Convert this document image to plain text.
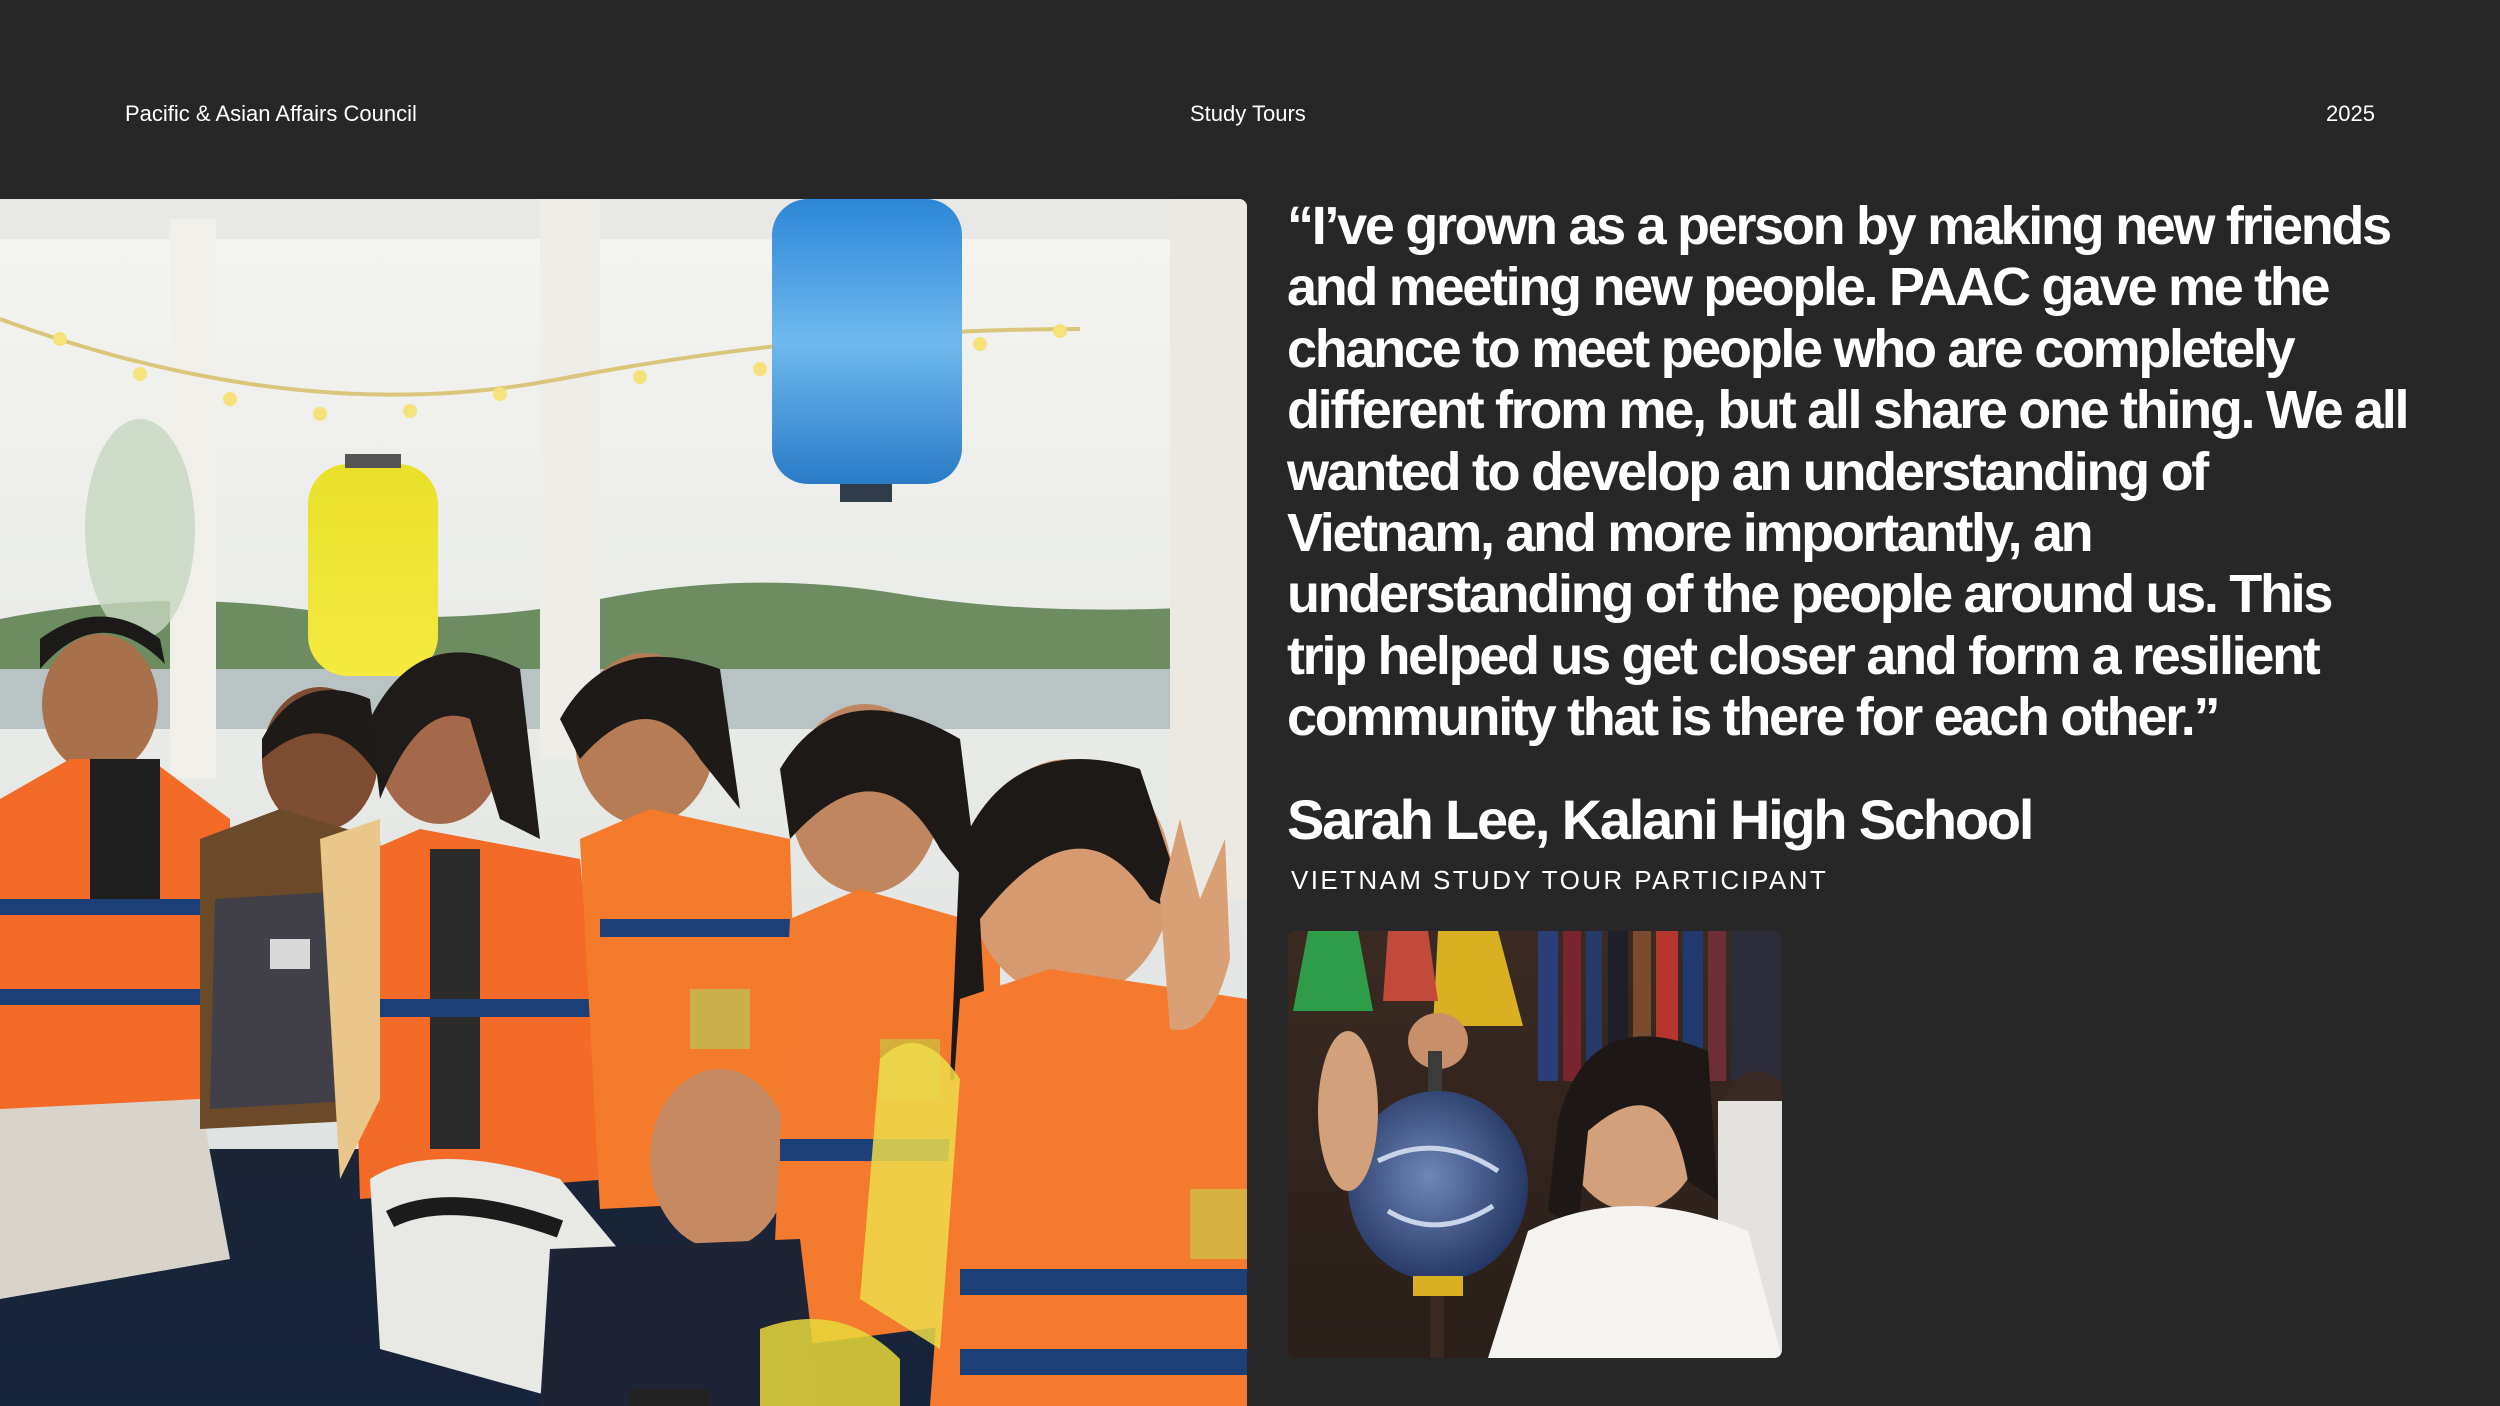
Pacific & Asian Affairs Council	Study Tours	2025
“I’ve grown as a person by making new friends and meeting new people. PAAC gave me the chance to meet people who are completely different from me, but all share one thing. We all wanted to develop an understanding of Vietnam, and more importantly, an understanding of the people around us. This trip helped us get closer and form a resilient community that is there for each other.”
Sarah Lee, Kalani High School

VIETNAM STUDY TOUR PARTICIPANT
